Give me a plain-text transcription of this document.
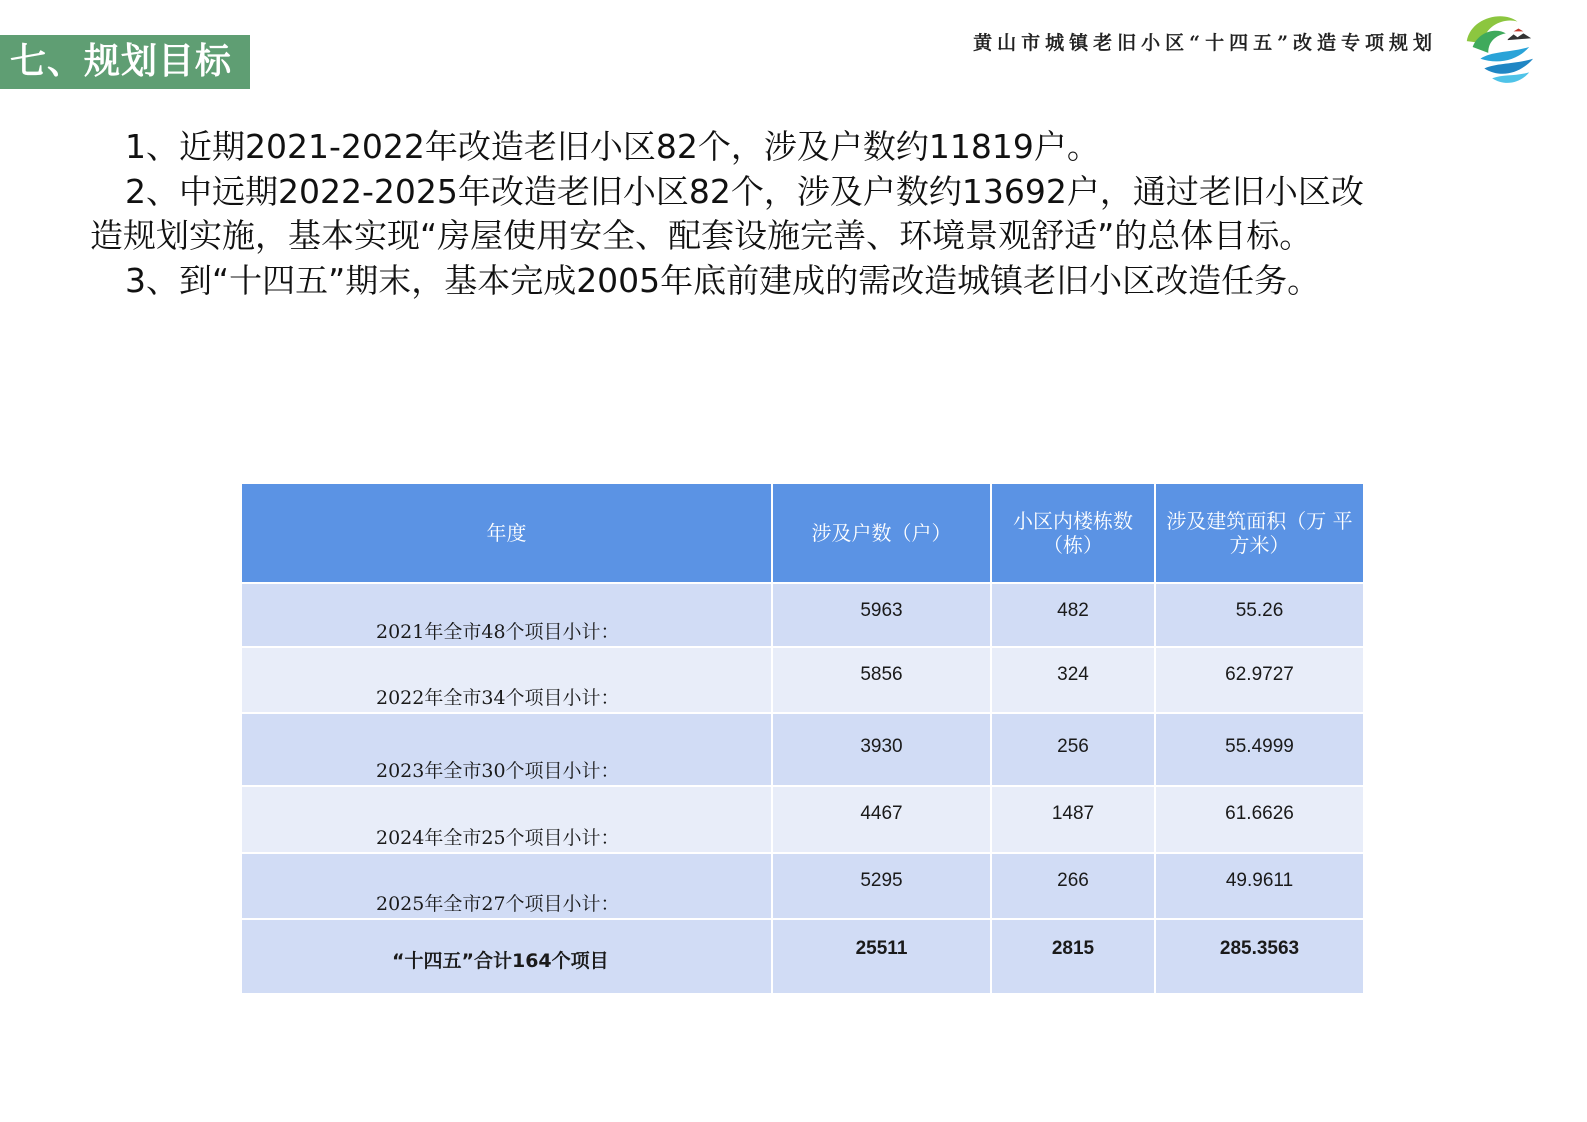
七、规划目标	黄山市城镇老旧小区“十四五”改造专项规划

1、近期2021-2022年改造老旧小区82个，涉及户数约11819户。

2、中远期2022-2025年改造老旧小区82个，涉及户数约13692户，通过老旧小区改造规划实施，基本实现“房屋使用安全、配套设施完善、环境景观舒适”的总体目标。

3、到“十四五”期末，基本完成2005年底前建成的需改造城镇老旧小区改造任务。

年度	涉及户数（户）	小区内楼栋数（栋）	涉及建筑面积（万 平方米）
2021年全市48个项目小计：	5963	482	55.26
2022年全市34个项目小计：	5856	324	62.9727
2023年全市30个项目小计：	3930	256	55.4999
2024年全市25个项目小计：	4467	1487	61.6626
2025年全市27个项目小计：	5295	266	49.9611
“十四五”合计164个项目	25511	2815	285.3563
